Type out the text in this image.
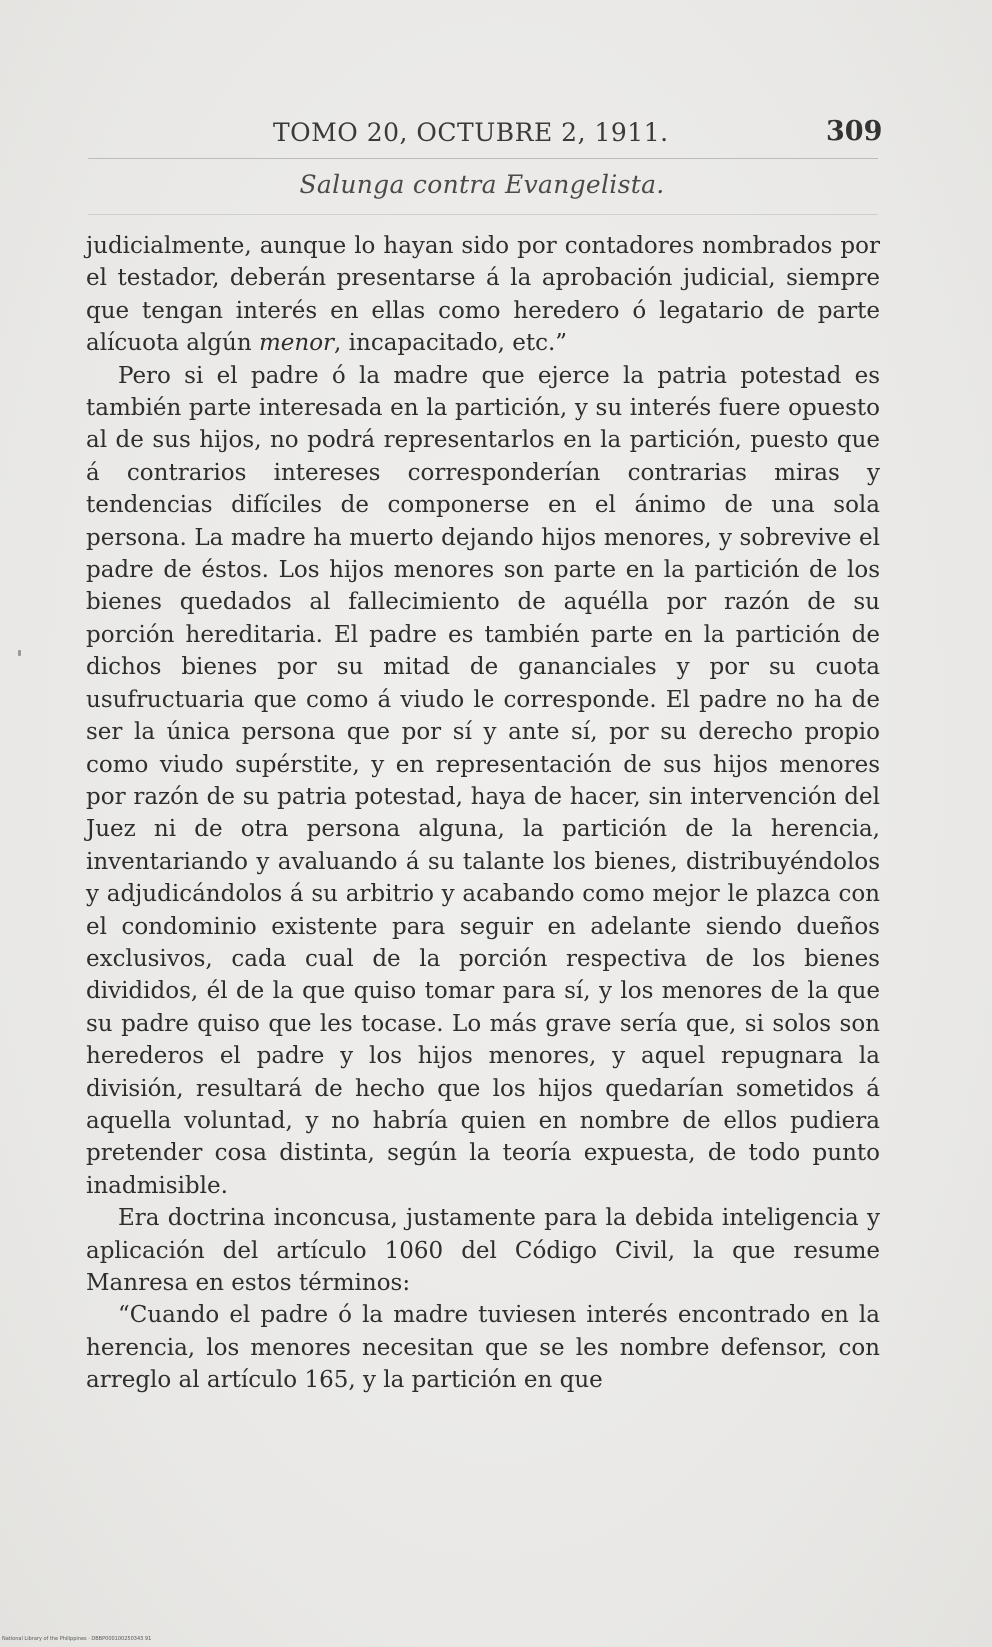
TOMO 20, OCTUBRE 2, 1911.	309
Salunga contra Evangelista.

judicialmente, aunque lo hayan sido por contadores nombrados por el testador, deberán presentarse á la aprobación judicial, siempre que tengan interés en ellas como heredero ó legatario de parte alícuota algún menor, incapacitado, etc.”

Pero si el padre ó la madre que ejerce la patria potestad es también parte interesada en la partición, y su interés fuere opuesto al de sus hijos, no podrá representarlos en la partición, puesto que á contrarios intereses corresponderían contrarias miras y tendencias difíciles de componerse en el ánimo de una sola persona. La madre ha muerto dejando hijos menores, y sobrevive el padre de éstos. Los hijos menores son parte en la partición de los bienes quedados al fallecimiento de aquélla por razón de su porción hereditaria. El padre es también parte en la partición de dichos bienes por su mitad de gananciales y por su cuota usufructuaria que como á viudo le corresponde. El padre no ha de ser la única persona que por sí y ante sí, por su derecho propio como viudo supérstite, y en representación de sus hijos menores por razón de su patria potestad, haya de hacer, sin intervención del Juez ni de otra persona alguna, la partición de la herencia, inventariando y avaluando á su talante los bienes, distribuyéndolos y adjudicándolos á su arbitrio y acabando como mejor le plazca con el condominio existente para seguir en adelante siendo dueños exclusivos, cada cual de la porción respectiva de los bienes divididos, él de la que quiso tomar para sí, y los menores de la que su padre quiso que les tocase. Lo más grave sería que, si solos son herederos el padre y los hijos menores, y aquel repugnara la división, resultará de hecho que los hijos quedarían sometidos á aquella voluntad, y no habría quien en nombre de ellos pudiera pretender cosa distinta, según la teoría expuesta, de todo punto inadmisible.

Era doctrina inconcusa, justamente para la debida inteligencia y aplicación del artículo 1060 del Código Civil, la que resume Manresa en estos términos:

“Cuando el padre ó la madre tuviesen interés encontrado en la herencia, los menores necesitan que se les nombre defensor, con arreglo al artículo 165, y la partición en que

National Library of the Philippines · DBBP000100250343 91
